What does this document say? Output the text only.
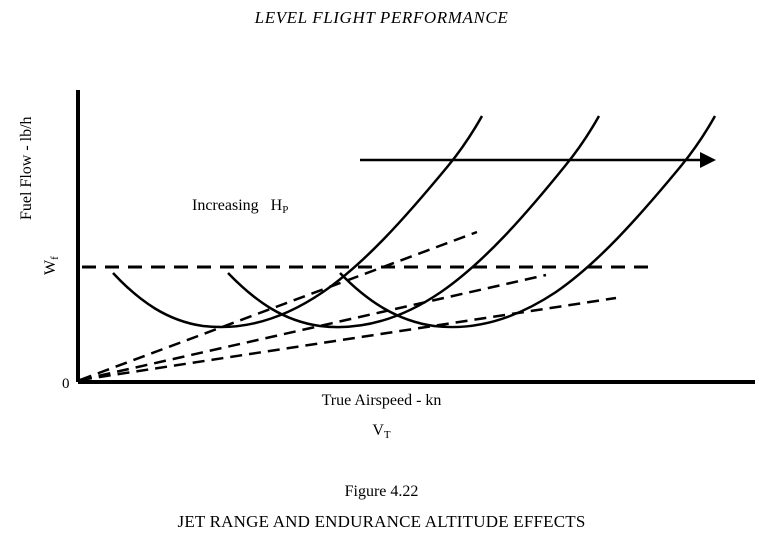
LEVEL FLIGHT PERFORMANCE
Fuel Flow - lb/h
$W_f$
0
Increasing $H_P$
True Airspeed - kn
$V_T$
Figure 4.22
JET RANGE AND ENDURANCE ALTITUDE EFFECTS
